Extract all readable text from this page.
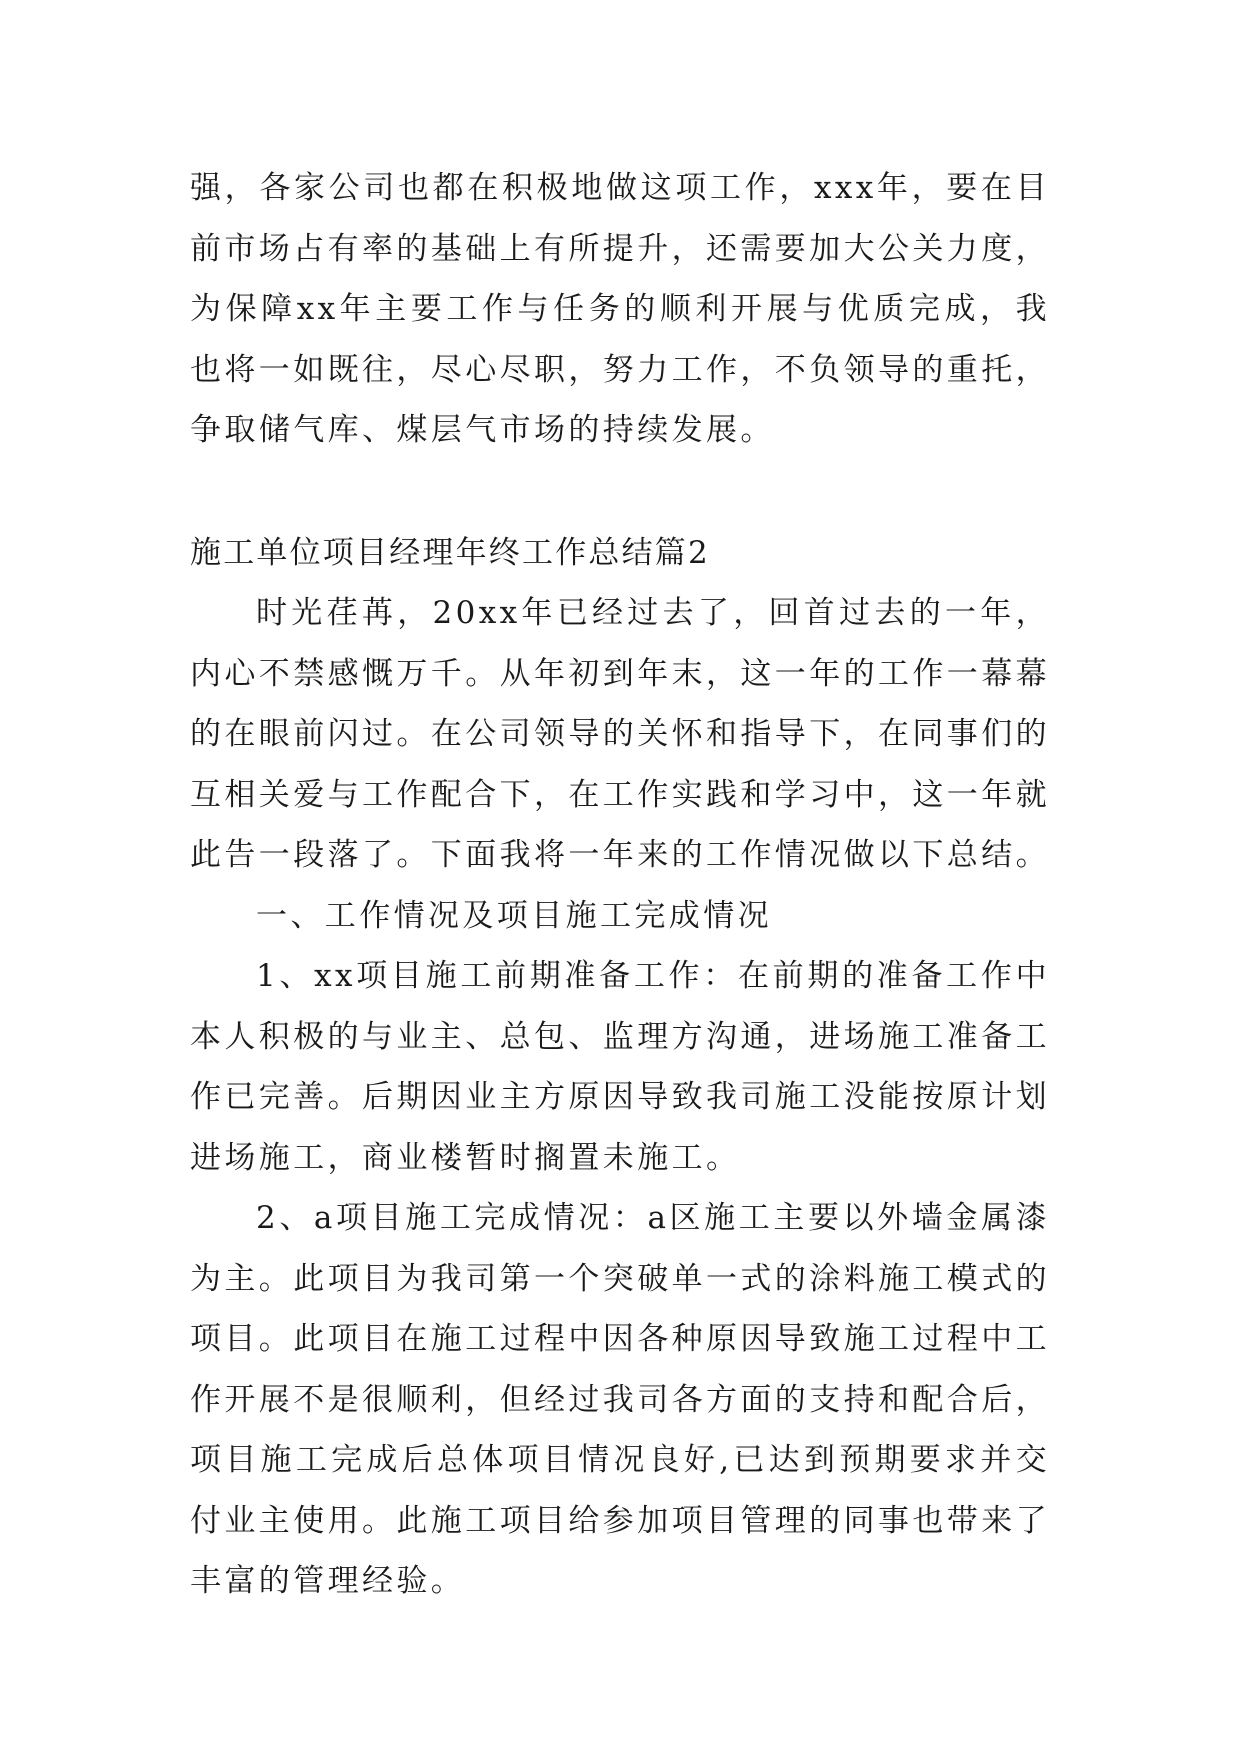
强，各家公司也都在积极地做这项工作，xxx年，要在目前市场占有率的基础上有所提升，还需要加大公关力度，为保障xx年主要工作与任务的顺利开展与优质完成，我也将一如既往，尽心尽职，努力工作，不负领导的重托，争取储气库、煤层气市场的持续发展。

施工单位项目经理年终工作总结篇2

时光荏苒，20xx年已经过去了，回首过去的一年，内心不禁感慨万千。从年初到年末，这一年的工作一幕幕的在眼前闪过。在公司领导的关怀和指导下，在同事们的互相关爱与工作配合下，在工作实践和学习中，这一年就此告一段落了。下面我将一年来的工作情况做以下总结。

一、工作情况及项目施工完成情况

1、xx项目施工前期准备工作：在前期的准备工作中本人积极的与业主、总包、监理方沟通，进场施工准备工作已完善。后期因业主方原因导致我司施工没能按原计划进场施工，商业楼暂时搁置未施工。

2、a项目施工完成情况：a区施工主要以外墙金属漆为主。此项目为我司第一个突破单一式的涂料施工模式的项目。此项目在施工过程中因各种原因导致施工过程中工作开展不是很顺利，但经过我司各方面的支持和配合后，项目施工完成后总体项目情况良好,已达到预期要求并交付业主使用。此施工项目给参加项目管理的同事也带来了丰富的管理经验。
